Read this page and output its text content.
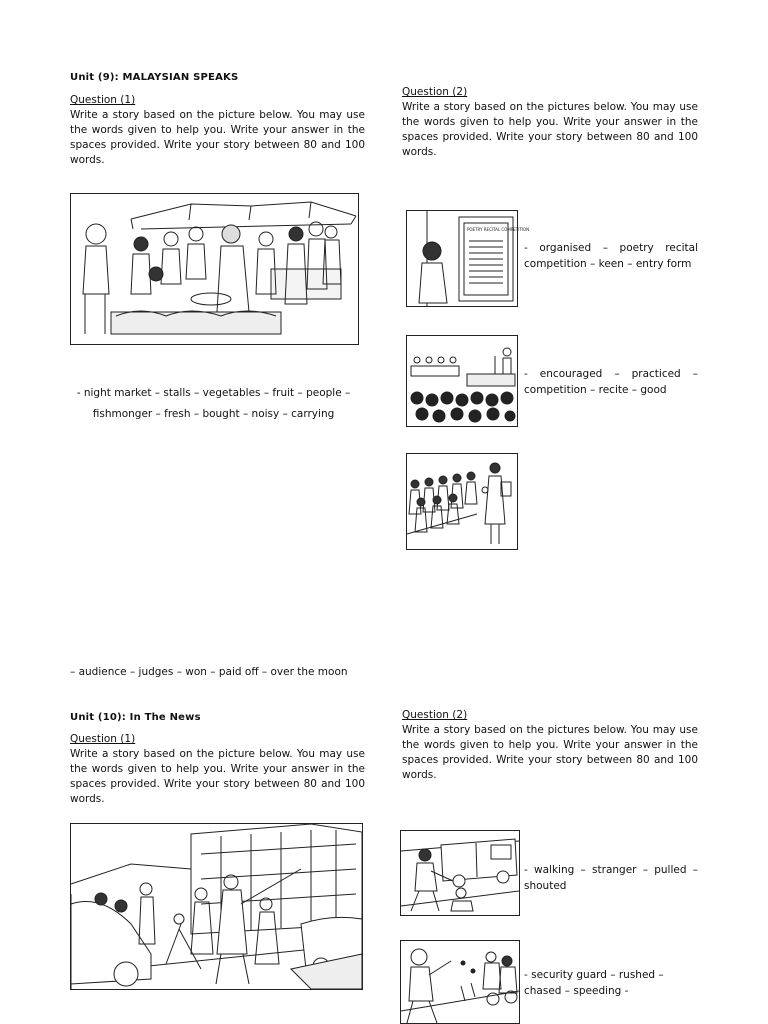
Unit (9): MALAYSIAN SPEAKS
Question (1)
Write a story based on the picture below. You may use the words given to help you. Write your answer in the spaces provided. Write your story between 80 and 100 words.
- night market – stalls – vegetables – fruit – people –
fishmonger – fresh – bought – noisy – carrying
Question (2)
Write a story based on the pictures below. You may use the words given to help you. Write your answer in the spaces provided. Write your story between 80 and 100 words.
POETRY RECITAL COMPETITION
- organised – poetry recital competition – keen – entry form
- encouraged – practiced – competition – recite – good
– audience – judges – won – paid off – over the moon
Unit (10): In The News
Question (1)
Write a story based on the picture below. You may use the words given to help you. Write your answer in the spaces provided. Write your story between 80 and 100 words.
Question (2)
Write a story based on the pictures below. You may use the words given to help you. Write your answer in the spaces provided. Write your story between 80 and 100 words.
- walking – stranger – pulled – shouted
- security guard – rushed – chased – speeding -
